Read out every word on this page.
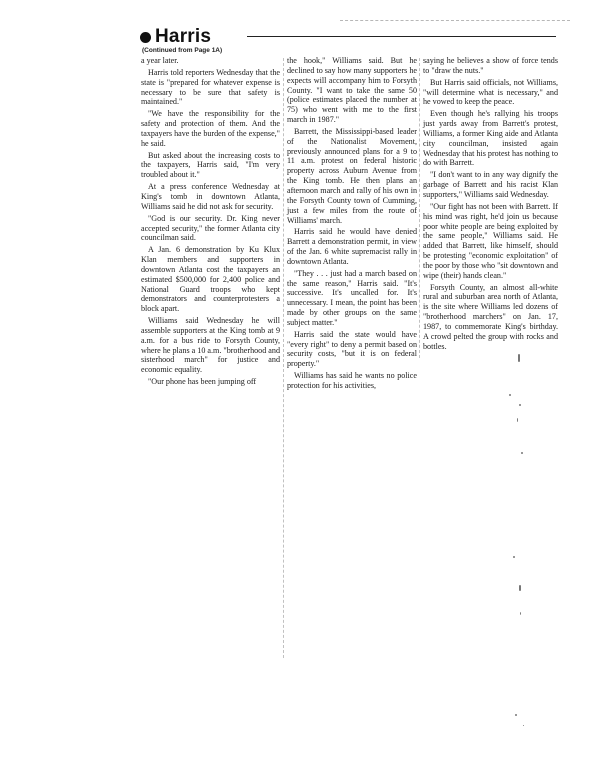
Harris
(Continued from Page 1A)

a year later.

Harris told reporters Wednesday that the state is "prepared for whatever expense is necessary to be sure that safety is maintained."

"We have the responsibility for the safety and protection of them. And the taxpayers have the burden of the expense," he said.

But asked about the increasing costs to the taxpayers, Harris said, "I'm very troubled about it."

At a press conference Wednesday at King's tomb in downtown Atlanta, Williams said he did not ask for security.

"God is our security. Dr. King never accepted security," the former Atlanta city councilman said.

A Jan. 6 demonstration by Ku Klux Klan members and supporters in downtown Atlanta cost the taxpayers an estimated $500,000 for 2,400 police and National Guard troops who kept demonstrators and counterprotesters a block apart.

Williams said Wednesday he will assemble supporters at the King tomb at 9 a.m. for a bus ride to Forsyth County, where he plans a 10 a.m. "brotherhood and sisterhood march" for justice and economic equality.

"Our phone has been jumping off

the hook," Williams said. But he declined to say how many supporters he expects will accompany him to Forsyth County. "I want to take the same 50 (police estimates placed the number at 75) who went with me to the first march in 1987."

Barrett, the Mississippi-based leader of the Nationalist Movement, previously announced plans for a 9 to 11 a.m. protest on federal historic property across Auburn Avenue from the King tomb. He then plans an afternoon march and rally of his own in the Forsyth County town of Cumming, just a few miles from the route of Williams' march.

Harris said he would have denied Barrett a demonstration permit, in view of the Jan. 6 white supremacist rally in downtown Atlanta.

"They . . . just had a march based on the same reason," Harris said. "It's successive. It's uncalled for. It's unnecessary. I mean, the point has been made by other groups on the same subject matter."

Harris said the state would have "every right" to deny a permit based on security costs, "but it is on federal property."

Williams has said he wants no police protection for his activities,

saying he believes a show of force tends to "draw the nuts."

But Harris said officials, not Williams, "will determine what is necessary," and he vowed to keep the peace.

Even though he's rallying his troops just yards away from Barrett's protest, Williams, a former King aide and Atlanta city councilman, insisted again Wednesday that his protest has nothing to do with Barrett.

"I don't want to in any way dignify the garbage of Barrett and his racist Klan supporters," Williams said Wednesday.

"Our fight has not been with Barrett. If his mind was right, he'd join us because poor white people are being exploited by the same people," Williams said. He added that Barrett, like himself, should be protesting "economic exploitation" of the poor by those who "sit downtown and wipe (their) hands clean."

Forsyth County, an almost all-white rural and suburban area north of Atlanta, is the site where Williams led dozens of "brotherhood marchers" on Jan. 17, 1987, to commemorate King's birthday. A crowd pelted the group with rocks and bottles.
